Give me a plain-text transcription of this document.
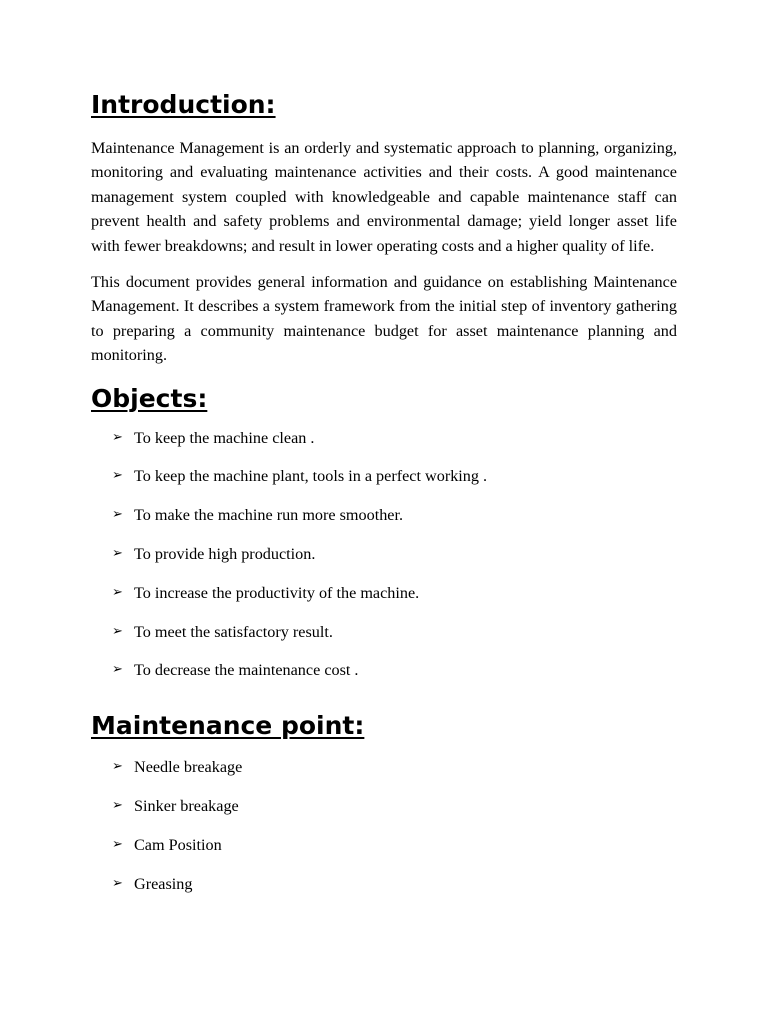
Introduction:

Maintenance Management is an orderly and systematic approach to planning, organizing, monitoring and evaluating maintenance activities and their costs. A good maintenance management system coupled with knowledgeable and capable maintenance staff can prevent health and safety problems and environmental damage; yield longer asset life with fewer breakdowns; and result in lower operating costs and a higher quality of life.

This document provides general information and guidance on establishing Maintenance Management. It describes a system framework from the initial step of inventory gathering to preparing a community maintenance budget for asset maintenance planning and monitoring.

Objects:
➢ To keep the machine clean .
➢ To keep the machine plant, tools in a perfect working .
➢ To make the machine run more smoother.
➢ To provide high production.
➢ To increase the productivity of the machine.
➢ To meet the satisfactory result.
➢ To decrease the maintenance cost .
Maintenance point:
➢ Needle breakage
➢ Sinker breakage
➢ Cam Position
➢ Greasing
